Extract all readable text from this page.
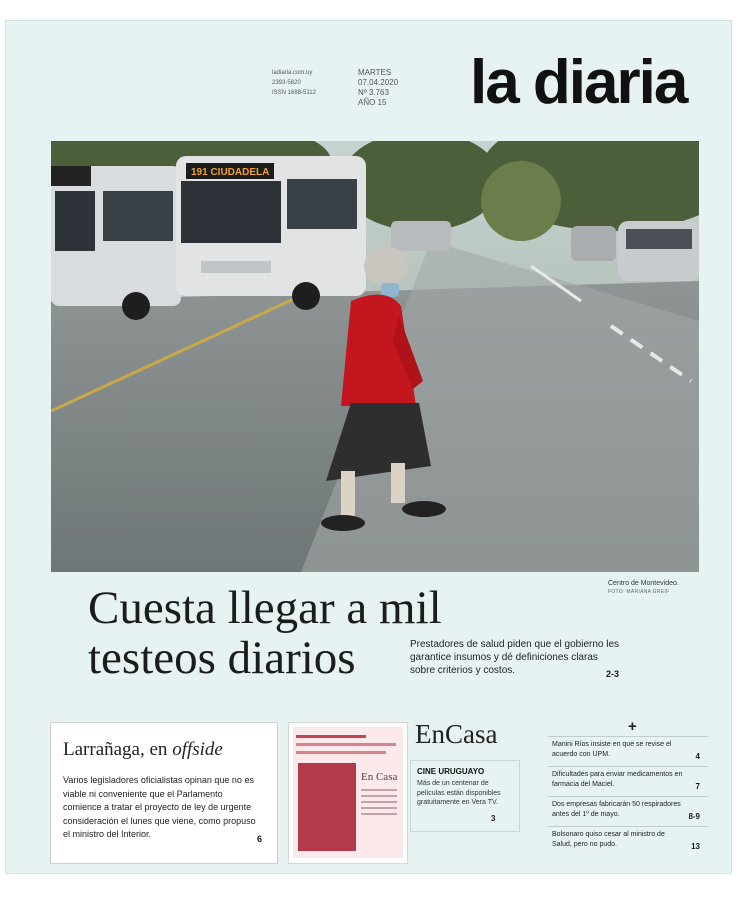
ladiaria.com.uy
2393-5820
ISSN 1688-5112
MARTES
07.04.2020
Nº 3.763
AÑO 15 la diaria
191 CIUDADELA
Centro de Montevideo.
FOTO: MARIANA GREIF
Cuesta llegar a mil
testeos diarios	Prestadores de salud piden que el gobierno les garantice insumos y dé definiciones claras sobre criterios y costos.	2-3
Larrañaga, en offside
Varios legisladores oficialistas opinan que no es viable ni conveniente que el Parlamento comience a tratar el proyecto de ley de urgente consideración el lunes que viene, como propuso el ministro del Interior.	6
En Casa
EnCasa
CINE URUGUAYO
Más de un centenar de películas están disponibles gratuitamente en Vera TV.
3
+
Manini Ríos insiste en que se revise el acuerdo con UPM.	4
Dificultades para enviar medicamentos en farmacia del Maciel.	7
Dos empresas fabricarán 50 respiradores antes del 1º de mayo.	8-9
Bolsonaro quiso cesar al ministro de Salud, pero no pudo.	13
